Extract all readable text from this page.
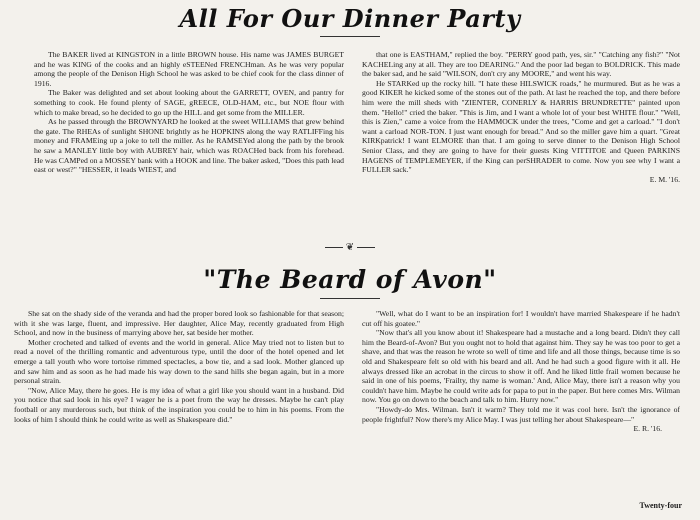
All For Our Dinner Party

The BAKER lived at KINGSTON in a little BROWN house. His name was JAMES BURGET and he was KING of the cooks and an highly eSTEENed FRENCHman. As he was very popular among the people of the Denison High School he was asked to be chief cook for the class dinner of 1916.

The Baker was delighted and set about looking about the GARRETT, OVEN, and pantry for something to cook. He found plenty of SAGE, gREECE, OLD-HAM, etc., but NOE flour with which to make bread, so he decided to go up the HILL and get some from the MILLER.

As he passed through the BROWNYARD he looked at the sweet WILLIAMS that grew behind the gate. The RHEAs of sunlight SHONE brightly as he HOPKINS along the way RATLIFFing his money and FRAMEing up a joke to tell the miller. As he RAMSEYed along the path by the brook he saw a MANLEY little boy with AUBREY hair, which was ROACHed back from his forehead. He was CAMPed on a MOSSEY bank with a HOOK and line. The baker asked, "Does this path lead east or west?" "HESSER, it leads WIEST, and

that one is EASTHAM," replied the boy. "PERRY good path, yes, sir." "Catching any fish?" "Not KACHELing any at all. They are too DEARING." And the poor lad began to BOLDRICK. This made the baker sad, and he said "WILSON, don't cry any MOORE," and went his way.

He STARKed up the rocky hill. "I hate these HILSWICK roads," he murmured. But as he was a good KIKER he kicked some of the stones out of the path. At last he reached the top, and there before him were the mill sheds with "ZIENTER, CONERLY & HARRIS BRUNDRETTE" painted upon them. "Hello!" cried the baker. "This is Jim, and I want a whole lot of your best WHITE flour." "Well, this is Zien," came a voice from the HAMMOCK under the trees, "Come and get a carload." "I don't want a carload NOR-TON. I just want enough for bread." And so the miller gave him a quart. "Great KIRKpatrick! I want ELMORE than that. I am going to serve dinner to the Denison High School Senior Class, and they are going to have for their guests King VITTITOE and Queen PARKINS HAGENS of TEMPLEMEYER, if the King can perSHRADER to come. Now you see why I want a FULLER sack."

E. M. '16.
❦
"The Beard of Avon"

She sat on the shady side of the veranda and had the proper bored look so fashionable for that season; with it she was large, fluent, and impressive. Her daughter, Alice May, recently graduated from High School, and now in the business of marrying above her, sat beside her mother.

Mother crocheted and talked of events and the world in general. Alice May tried not to listen but to read a novel of the thrilling romantic and adventurous type, until the door of the hotel opened and let emerge a tall youth who wore tortoise rimmed spectacles, a bow tie, and a sad look. Mother glanced up and saw him and as soon as he had made his way down to the sand hills she began again, but in a more personal strain.

"Now, Alice May, there he goes. He is my idea of what a girl like you should want in a husband. Did you notice that sad look in his eye? I wager he is a poet from the way he dresses. Maybe he can't play football or any murderous such, but think of the inspiration you could be to him in his poems. From the looks of him I should think he could write as well as Shakespeare did."

"Well, what do I want to be an inspiration for! I wouldn't have married Shakespeare if he hadn't cut off his goatee."

"Now that's all you know about it! Shakespeare had a mustache and a long beard. Didn't they call him the Beard-of-Avon? But you ought not to hold that against him. They say he was too poor to get a shave, and that was the reason he wrote so well of time and life and all those things, because time is so old and Shakespeare felt so old with his beard and all. And he had such a good figure with it all. He always dressed like an acrobat in the circus to show it off. And he liked little frail women because he said in one of his poems, 'Frailty, thy name is woman.' And, Alice May, there isn't a reason why you couldn't have him. Maybe he could write ads for papa to put in the paper. But here comes Mrs. Wilman now. You go on down to the beach and talk to him. Hurry now."

"Howdy-do Mrs. Wilman. Isn't it warm? They told me it was cool here. Isn't the ignorance of people frightful? Now there's my Alice May. I was just telling her about Shakespeare—"

E. R. '16.
Twenty-four
